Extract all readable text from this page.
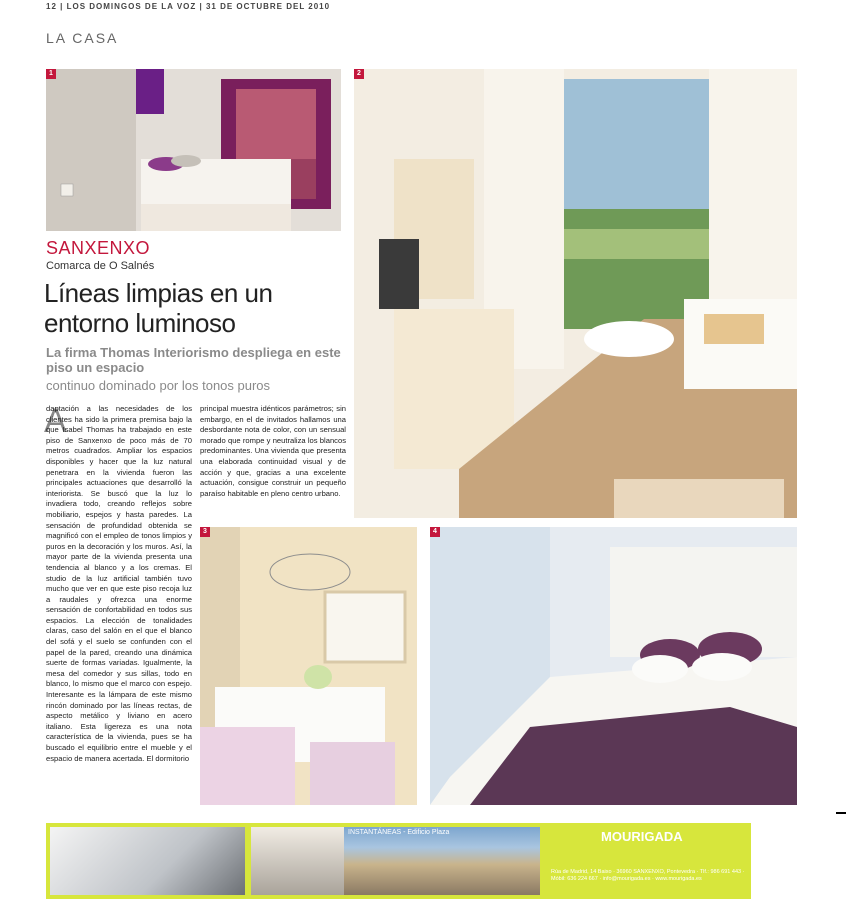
12 | LOS DOMINGOS DE LA VOZ | 31 DE OCTUBRE DEL 2010
LA CASA
1	2
SANXENXO
Comarca de O Salnés
Líneas limpias en un entorno luminoso
La firma Thomas Interiorismo despliega en este piso un espacio
continuo dominado por los tonos puros
A
daptación a las necesidades de los clientes ha sido la primera premisa bajo la que Isabel Thomas ha trabajado en este piso de Sanxenxo de poco más de 70 metros cuadrados. Ampliar los espacios disponibles y hacer que la luz natural penetrara en la vivienda fueron las principales actuaciones que desarrolló la interiorista. Se buscó que la luz lo invadiera todo, creando reflejos sobre mobiliario, espejos y hasta paredes. La sensación de profundidad obtenida se magnificó con el empleo de tonos limpios y puros en la decoración y los muros. Así, la mayor parte de la vivienda presenta una tendencia al blanco y a los cremas. El studio de la luz artificial también tuvo mucho que ver en que este piso recoja luz a raudales y ofrezca una enorme sensación de confortabilidad en todos sus espacios. La elección de tonalidades claras, caso del salón en el que el blanco del sofá y el suelo se confunden con el papel de la pared, creando una dinámica suerte de formas variadas. Igualmente, la mesa del comedor y sus sillas, todo en blanco, lo mismo que el marco con espejo. Interesante es la lámpara de este mismo rincón dominado por las líneas rectas, de aspecto metálico y liviano en acero italiano. Esta ligereza es una nota característica de la vivienda, pues se ha buscado el equilibrio entre el mueble y el espacio de manera acertada. El dormitorio
principal muestra idénticos parámetros; sin embargo, en el de invitados hallamos una desbordante nota de color, con un sensual morado que rompe y neutraliza los blancos predominantes. Una vivienda que presenta una elaborada continuidad visual y de acción y que, gracias a una excelente actuación, consigue construir un pequeño paraíso habitable en pleno centro urbano.
3	4
INSTANTÁNEAS - Edificio Plaza	MOURIGADA
Rúa de Madrid, 14 Baixo · 36960 SANXENXO, Pontevedra · Tlf.: 986 691 443 · Móbil: 636 224 667 · info@mourigada.es · www.mourigada.es
